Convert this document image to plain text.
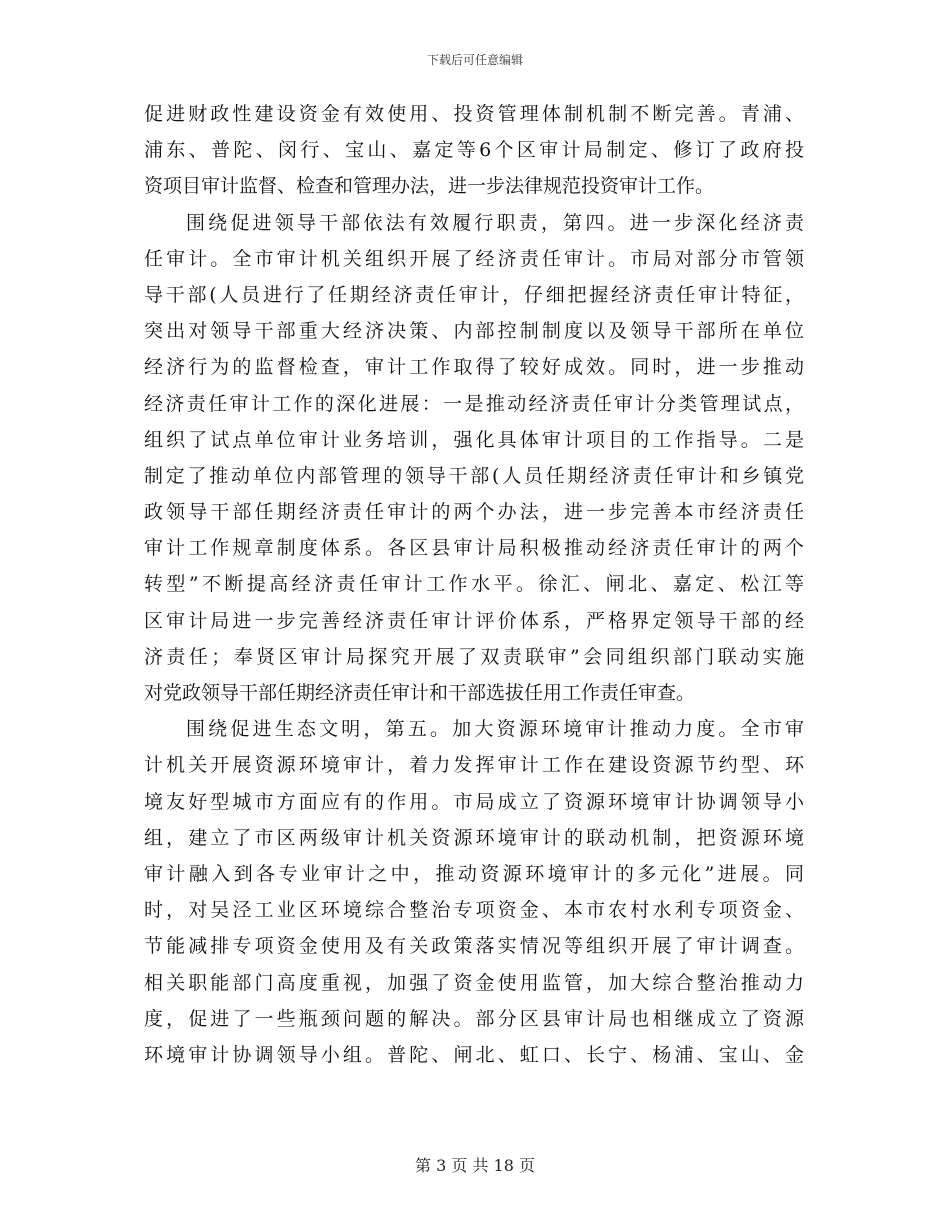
下载后可任意编辑
促进财政性建设资金有效使用、投资管理体制机制不断完善。青浦、
浦东、普陀、闵行、宝山、嘉定等6个区审计局制定、修订了政府投
资项目审计监督、检查和管理办法，进一步法律规范投资审计工作。
围绕促进领导干部依法有效履行职责，第四。进一步深化经济责
任审计。全市审计机关组织开展了经济责任审计。市局对部分市管领
导干部(人员进行了任期经济责任审计，仔细把握经济责任审计特征，
突出对领导干部重大经济决策、内部控制制度以及领导干部所在单位
经济行为的监督检查，审计工作取得了较好成效。同时，进一步推动
经济责任审计工作的深化进展：一是推动经济责任审计分类管理试点，
组织了试点单位审计业务培训，强化具体审计项目的工作指导。二是
制定了推动单位内部管理的领导干部(人员任期经济责任审计和乡镇党
政领导干部任期经济责任审计的两个办法，进一步完善本市经济责任
审计工作规章制度体系。各区县审计局积极推动经济责任审计的两个
转型”不断提高经济责任审计工作水平。徐汇、闸北、嘉定、松江等
区审计局进一步完善经济责任审计评价体系，严格界定领导干部的经
济责任；奉贤区审计局探究开展了双责联审”会同组织部门联动实施
对党政领导干部任期经济责任审计和干部选拔任用工作责任审查。
围绕促进生态文明，第五。加大资源环境审计推动力度。全市审
计机关开展资源环境审计，着力发挥审计工作在建设资源节约型、环
境友好型城市方面应有的作用。市局成立了资源环境审计协调领导小
组，建立了市区两级审计机关资源环境审计的联动机制，把资源环境
审计融入到各专业审计之中，推动资源环境审计的多元化”进展。同
时，对吴泾工业区环境综合整治专项资金、本市农村水利专项资金、
节能减排专项资金使用及有关政策落实情况等组织开展了审计调查。
相关职能部门高度重视，加强了资金使用监管，加大综合整治推动力
度，促进了一些瓶颈问题的解决。部分区县审计局也相继成立了资源
环境审计协调领导小组。普陀、闸北、虹口、长宁、杨浦、宝山、金
第 3 页 共 18 页
